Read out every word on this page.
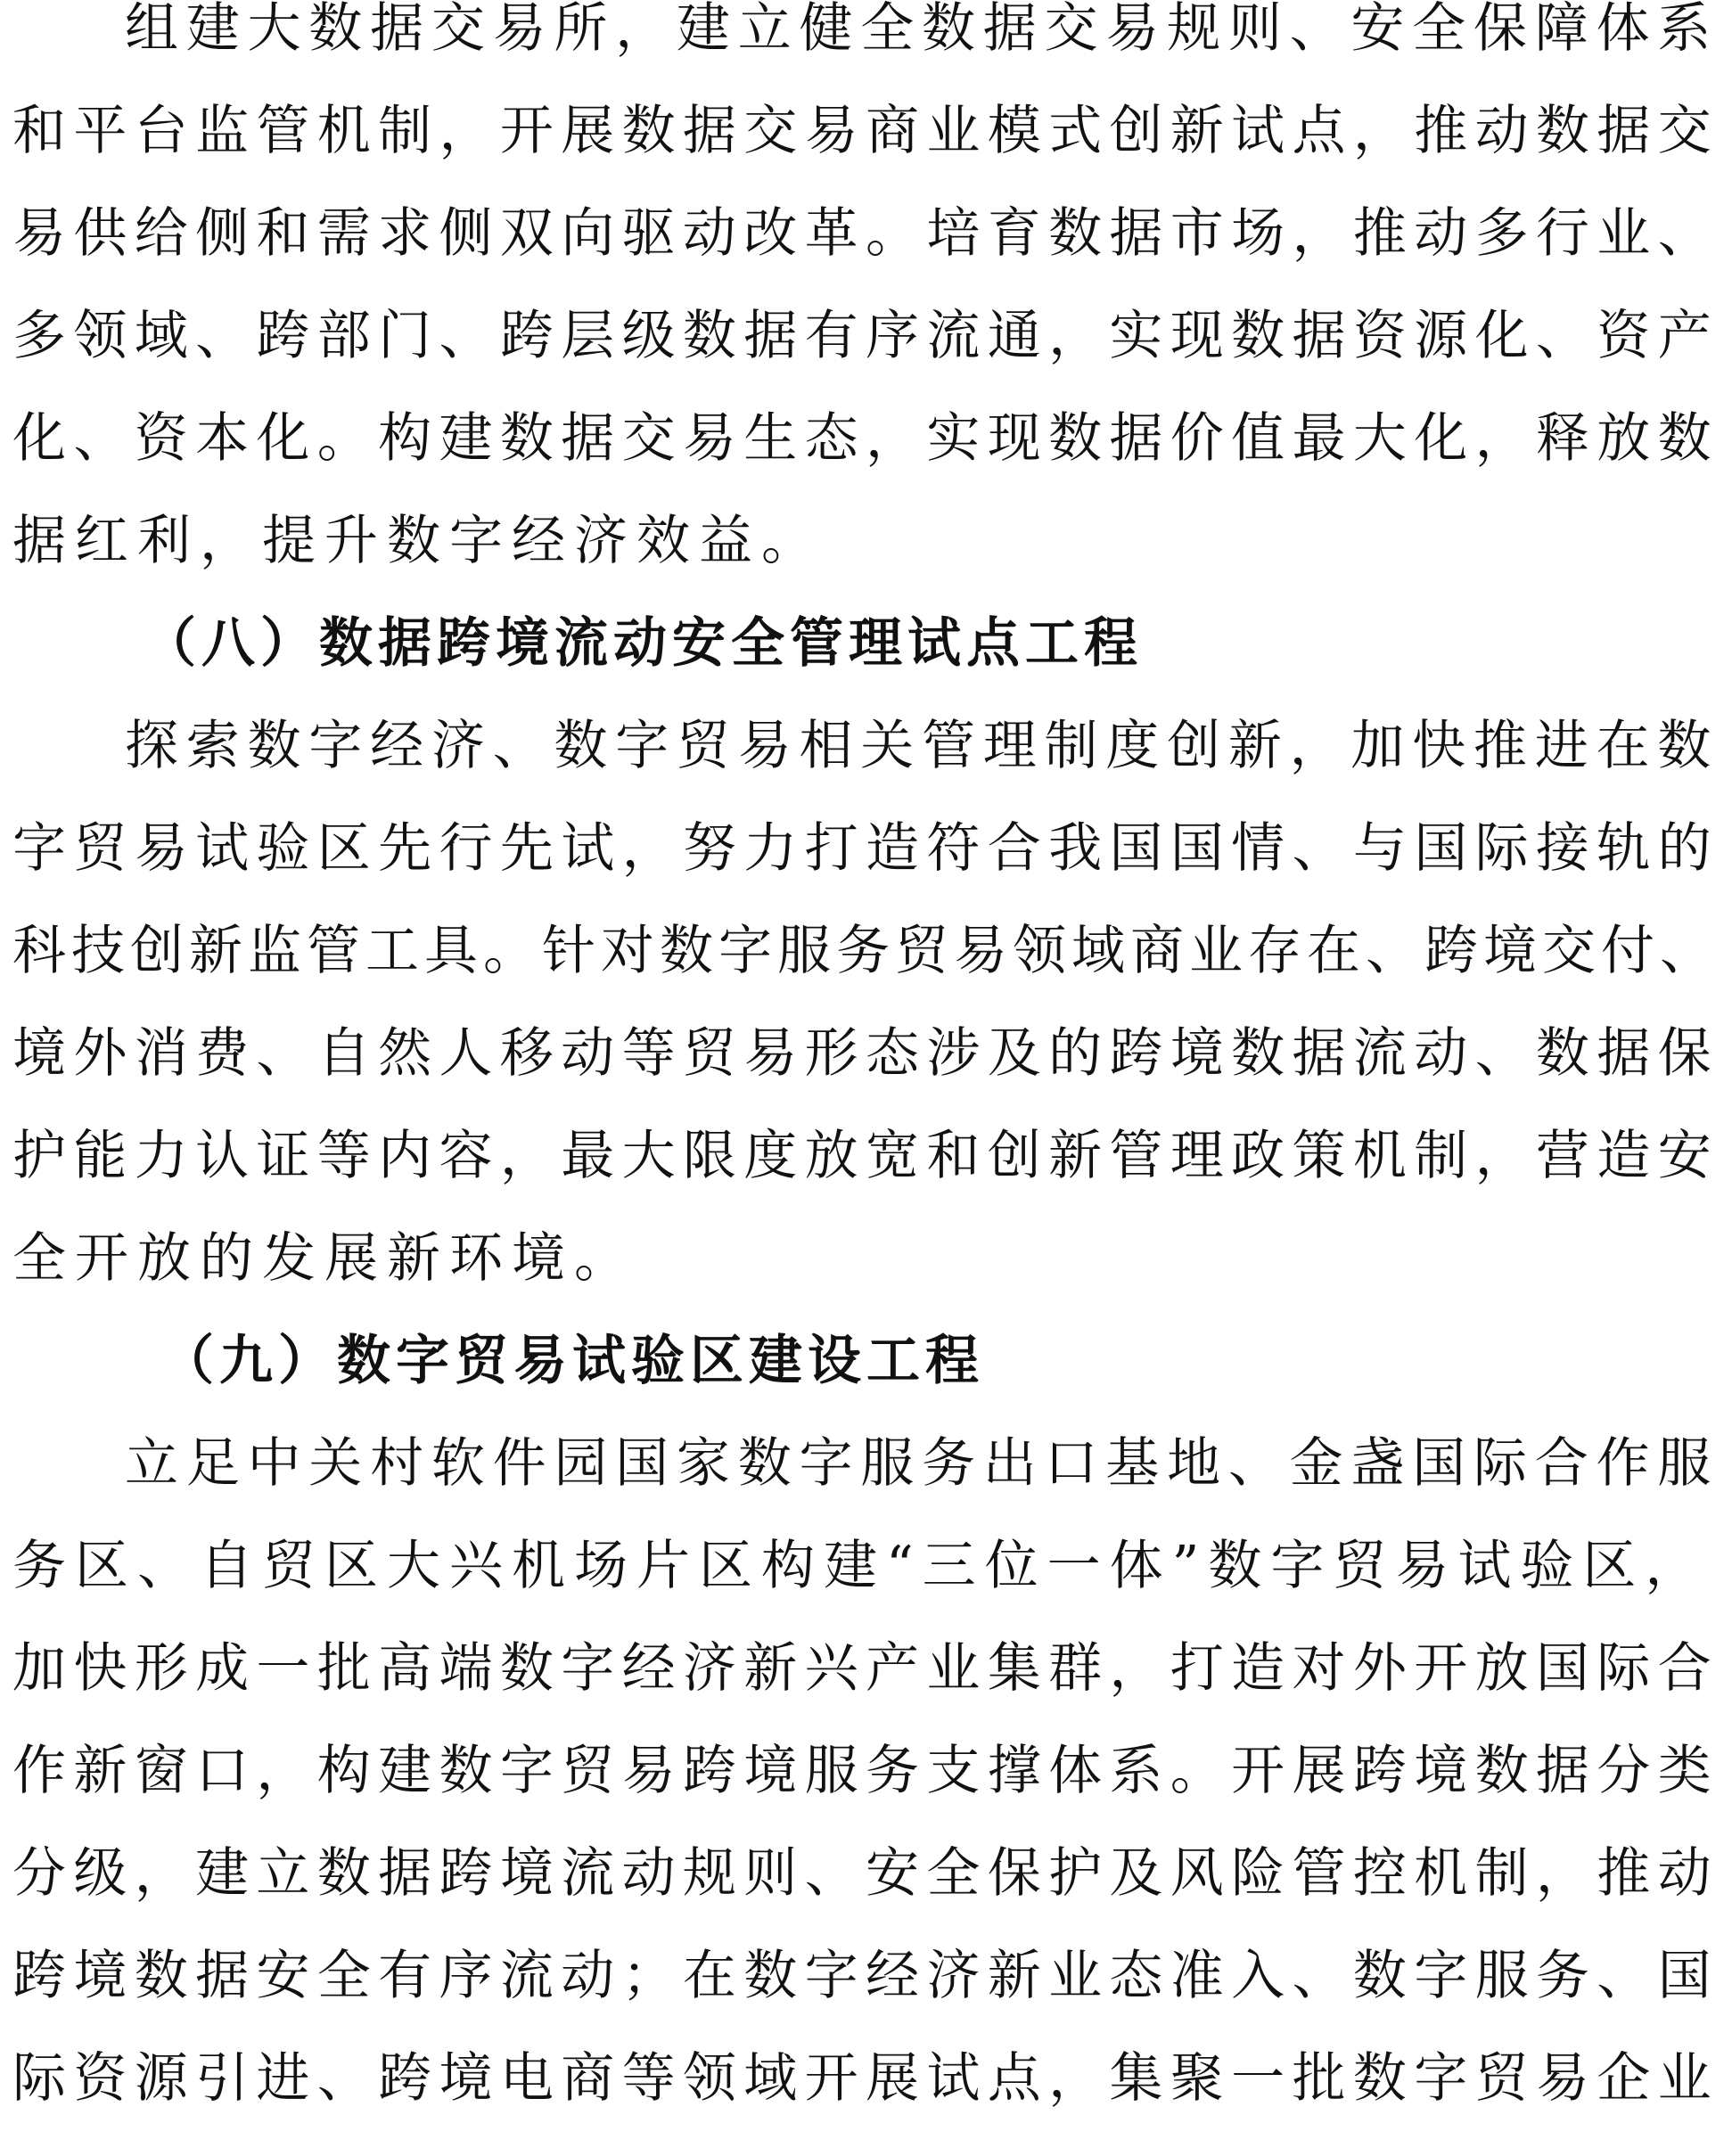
组建大数据交易所，建立健全数据交易规则、安全保障体系
和平台监管机制，开展数据交易商业模式创新试点，推动数据交
易供给侧和需求侧双向驱动改革。培育数据市场，推动多行业、
多领域、跨部门、跨层级数据有序流通，实现数据资源化、资产
化、资本化。构建数据交易生态，实现数据价值最大化，释放数
据红利，提升数字经济效益。
（八）数据跨境流动安全管理试点工程
探索数字经济、数字贸易相关管理制度创新，加快推进在数
字贸易试验区先行先试，努力打造符合我国国情、与国际接轨的
科技创新监管工具。针对数字服务贸易领域商业存在、跨境交付、
境外消费、自然人移动等贸易形态涉及的跨境数据流动、数据保
护能力认证等内容，最大限度放宽和创新管理政策机制，营造安
全开放的发展新环境。
（九）数字贸易试验区建设工程
立足中关村软件园国家数字服务出口基地、金盏国际合作服
务区、自贸区大兴机场片区构建“三位一体”数字贸易试验区，
加快形成一批高端数字经济新兴产业集群，打造对外开放国际合
作新窗口，构建数字贸易跨境服务支撑体系。开展跨境数据分类
分级，建立数据跨境流动规则、安全保护及风险管控机制，推动
跨境数据安全有序流动；在数字经济新业态准入、数字服务、国
际资源引进、跨境电商等领域开展试点，集聚一批数字贸易企业
